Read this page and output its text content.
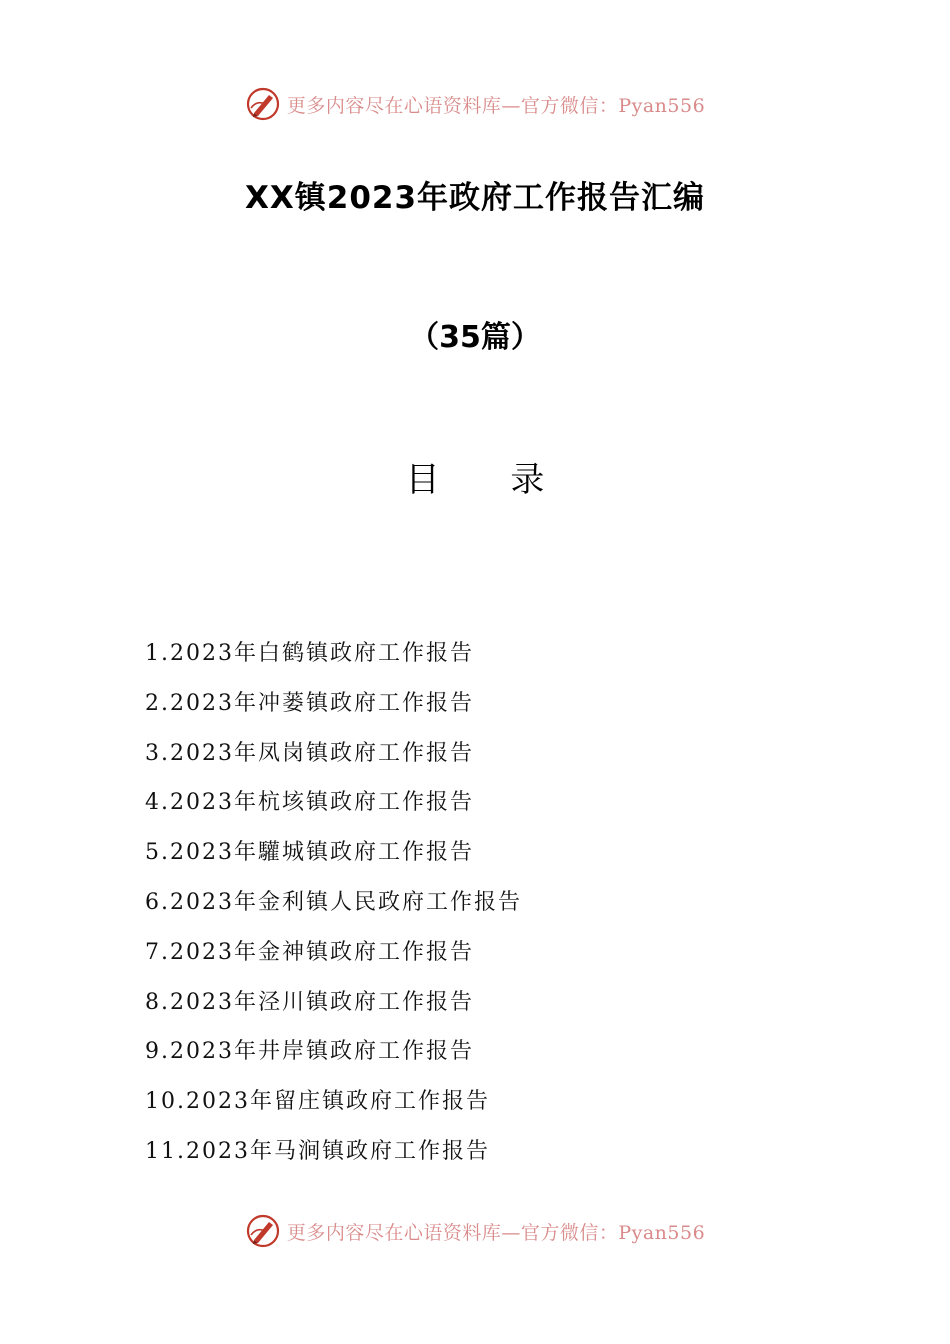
更多内容尽在心语资料库—官方微信：Pyan556
XX镇2023年政府工作报告汇编
（35篇）
目 录
1.2023年白鹤镇政府工作报告
2.2023年冲蒌镇政府工作报告
3.2023年凤岗镇政府工作报告
4.2023年杭垓镇政府工作报告
5.2023年驩城镇政府工作报告
6.2023年金利镇人民政府工作报告
7.2023年金神镇政府工作报告
8.2023年泾川镇政府工作报告
9.2023年井岸镇政府工作报告
10.2023年留庄镇政府工作报告
11.2023年马涧镇政府工作报告
更多内容尽在心语资料库—官方微信：Pyan556
